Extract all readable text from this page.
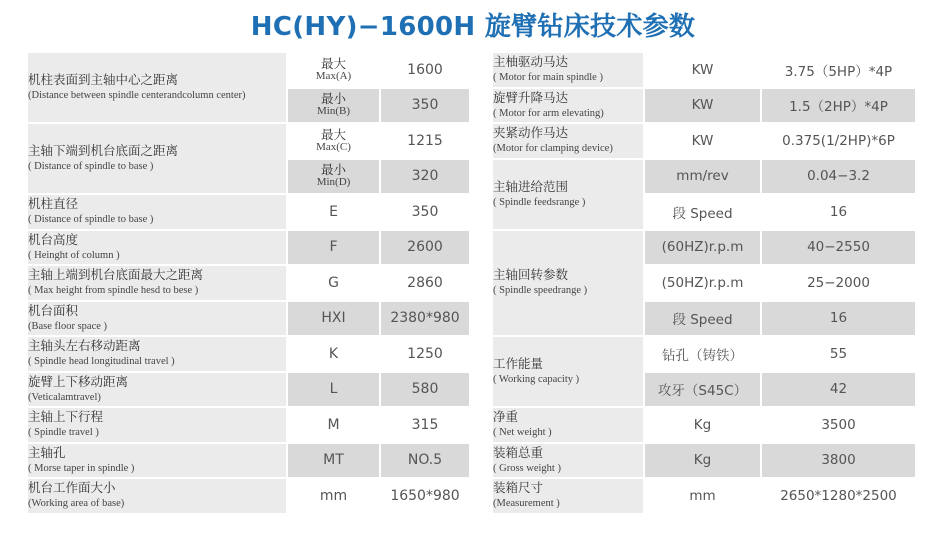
HC(HY)−1600H 旋臂钻床技术参数
机柱表面到主轴中心之距离
(Distance between spindle centerandcolumn center)	最大
Max(A)	1600

	最小
Min(B)	350

主轴下端到机台底面之距离
( Distance of spindle to base )	最大
Max(C)	1215

	最小
Min(D)	320

机柱直径
( Distance of spindle to base )	E	350

机台高度
( Heinght of column )	F	2600

主轴上端到机台底面最大之距离
( Max height from spindle hesd to bese )	G	2860

机台面积
(Base floor space )	HXI	2380*980

主轴头左右移动距离
( Spindle head longitudinal travel )	K	1250

旋臂上下移动距离
(Veticalamtravel)	L	580

主轴上下行程
( Spindle travel )	M	315

主轴孔
( Morse taper in spindle )	MT	NO.5

机台工作面大小
(Working area of base)	mm	1650*980
主柚驱动马达
( Motor for main spindle )	KW	3.75（5HP）*4P

旋臂升降马达
( Motor for arm elevating)	KW	1.5（2HP）*4P

夹紧动作马达
(Motor for clamping device)	KW	0.375(1/2HP)*6P

主轴进给范围
( Spindle feedsrange )	mm/rev	0.04−3.2
	段 Speed	16

主轴回转参数
( Spindle speedrange )	(60HZ)r.p.m	40−2550
	(50HZ)r.p.m	25−2000
	段 Speed	16

工作能量
( Working capacity )	钻孔（铸铁）	55
	攻牙（S45C）	42

净重
( Net weight )	Kg	3500

装箱总重
( Gross weight )	Kg	3800

装箱尺寸
(Measurement )	mm	2650*1280*2500
